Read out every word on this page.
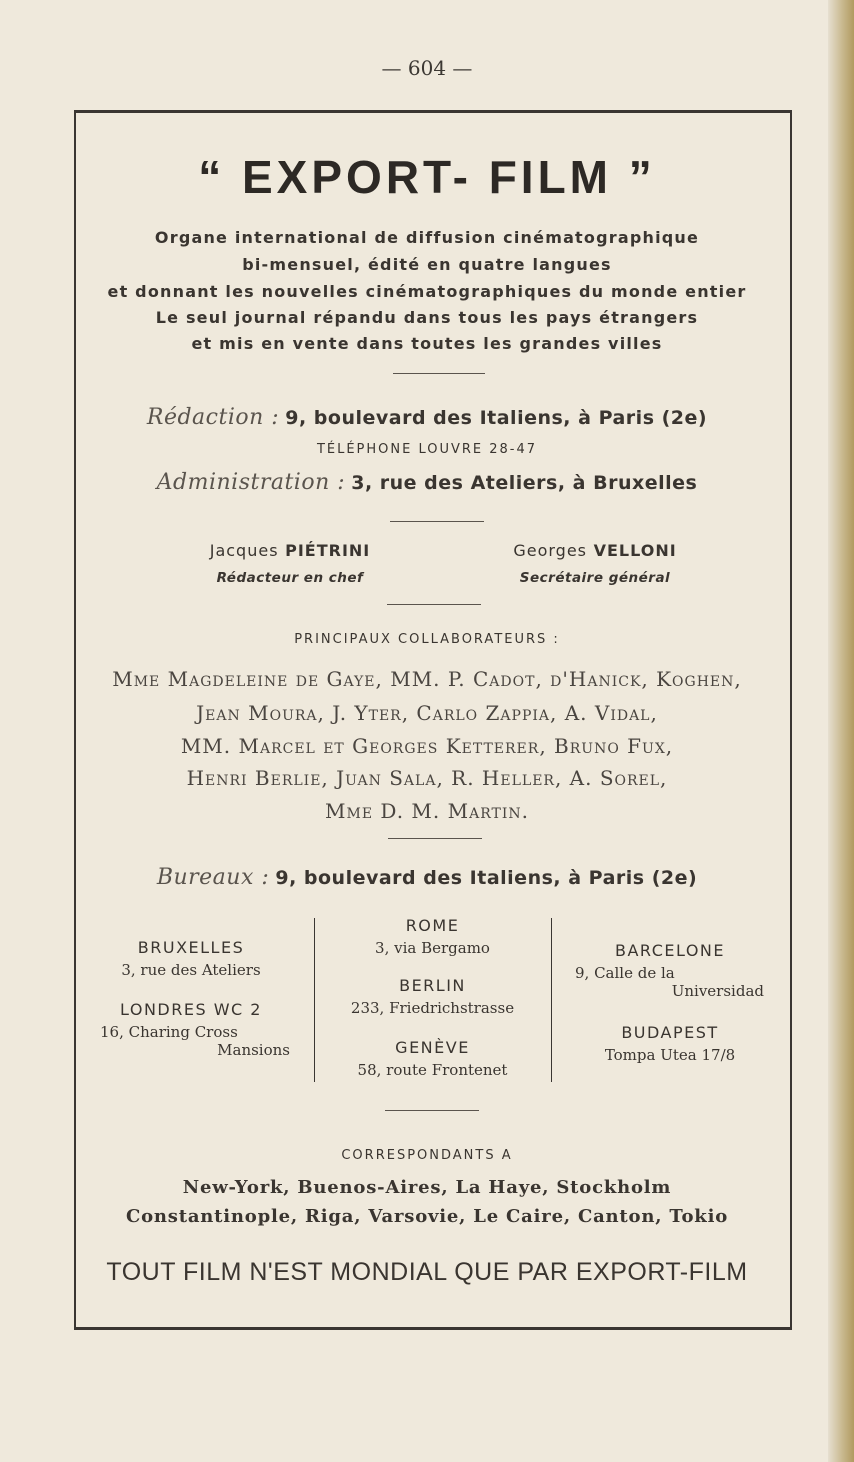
— 604 —
“ EXPORT- FILM ”
Organe international de diffusion cinématographique
bi-mensuel, édité en quatre langues
et donnant les nouvelles cinématographiques du monde entier
Le seul journal répandu dans tous les pays étrangers
et mis en vente dans toutes les grandes villes
Rédaction : 9, boulevard des Italiens, à Paris (2e)
TÉLÉPHONE LOUVRE 28-47
Administration : 3, rue des Ateliers, à Bruxelles
Jacques PIÉTRINI
Rédacteur en chef
Georges VELLONI
Secrétaire général
PRINCIPAUX COLLABORATEURS :
Mme Magdeleine de Gaye, MM. P. Cadot, d'Hanick, Koghen,
Jean Moura, J. Yter, Carlo Zappia, A. Vidal,
MM. Marcel et Georges Ketterer, Bruno Fux,
Henri Berlie, Juan Sala, R. Heller, A. Sorel,
Mme D. M. Martin.
Bureaux : 9, boulevard des Italiens, à Paris (2e)
BRUXELLES
3, rue des Ateliers
LONDRES WC 2
16, Charing Cross
Mansions
ROME
3, via Bergamo
BERLIN
233, Friedrichstrasse
GENÈVE
58, route Frontenet
BARCELONE
9, Calle de la
Universidad
BUDAPEST
Tompa Utea 17/8
CORRESPONDANTS A
New-York, Buenos-Aires, La Haye, Stockholm
Constantinople, Riga, Varsovie, Le Caire, Canton, Tokio
TOUT FILM N'EST MONDIAL QUE PAR EXPORT-FILM
